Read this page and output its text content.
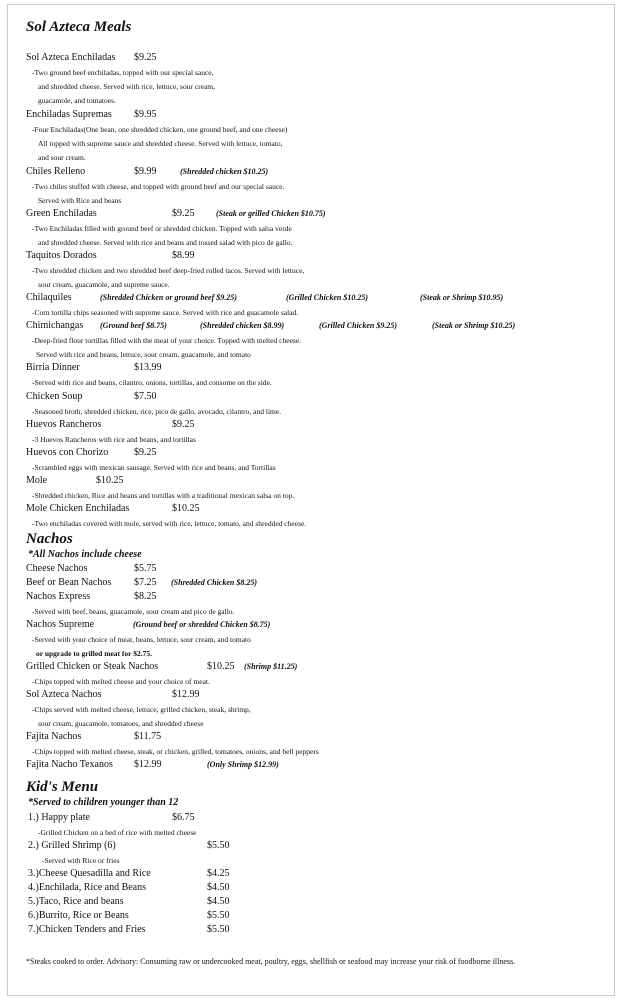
Sol Azteca Meals
Sol Azteca Enchiladas $9.25
-Two ground beef enchiladas, topped with our special sauce,
and shredded cheese. Served with rice, lettuce, sour cream,
guacamole, and tomatoes.
Enchiladas Supremas $9.95
-Four Enchiladas(One bean, one shredded chicken, one ground beef, and one cheese)
All topped with supreme sauce and shredded cheese. Served with lettuce, tomato,
and sour cream.
Chiles Relleno	$9.99	(Shredded chicken $10.25)
-Two chiles stuffed with cheese, and topped with ground beef and our special sauce.
Served with Rice and beans
Green Enchiladas	$9.25	(Steak or grilled Chicken $10.75)
-Two Enchiladas filled with ground beef or shredded chicken. Topped with salsa verde
and shredded cheese. Served with rice and beans and tossed salad with pico de gallo.
Taquitos Dorados	$8.99
-Two shredded chicken and two shredded beef deep-fried rolled tacos. Served with lettuce,
sour cream, guacamole, and supreme sauce.
Chilaquiles	(Shredded Chicken or ground beef $9.25)	(Grilled Chicken $10.25)	(Steak or Shrimp $10.95)
-Corn tortilla chips seasoned with supreme sauce. Served with rice and guacamole salad.
Chimichangas (Ground beef $8.75)	(Shredded chicken $8.99)	(Grilled Chicken $9.25)	(Steak or Shrimp $10.25)
-Deep-fried flour tortillas filled with the meat of your choice. Topped with melted cheese.
Served with rice and beans, lettuce, sour cream, guacamole, and tomato
Birria Dinner	$13.99
-Served with rice and beans, cilantro, onions, tortillas, and consome on the side.
Chicken Soup	$7.50
-Seasoned broth, shredded chicken, rice, pico de gallo, avocado, cilantro, and lime.
Huevos Rancheros	$9.25
-3 Huevos Rancheros with rice and beans, and tortillas
Huevos con Chorizo	$9.25
-Scrambled eggs with mexican sausage. Served with rice and beans, and Tortillas
Mole	$10.25
-Shredded chicken, Rice and beans and tortillas with a traditional mexican salsa on top.
Mole Chicken Enchiladas	$10.25
-Two enchiladas covered with mole, served with rice, lettuce, tomato, and shredded cheese.
Nachos
*All Nachos include cheese
Cheese Nachos	$5.75
Beef or Bean Nachos $7.25 (Shredded Chicken $8.25)
Nachos Express	$8.25
-Served with beef, beans, guacamole, sour cream and pico de gallo.
Nachos Supreme	(Ground beef or shredded Chicken $8.75)
-Served with your choice of meat, beans, lettuce, sour cream, and tomato
or upgrade to grilled meat for $2.75.
Grilled Chicken or Steak Nachos	$10.25 (Shrimp $11.25)
-Chips topped with melted cheese and your choice of meat.
Sol Azteca Nachos	$12.99
-Chips served with melted cheese, lettuce, grilled chicken, steak, shrimp,
sour cream, guacamole, tomatoes, and shredded cheese
Fajita Nachos	$11.75
-Chips topped with melted cheese, steak, or chicken, grilled, tomatoes, onions, and bell peppers
Fajita Nacho Texanos $12.99	(Only Shrimp $12.99)
Kid's Menu
*Served to children younger than 12
1.) Happy plate	$6.75
-Grilled Chicken on a bed of rice with melted cheese
2.) Grilled Shrimp (6)	$5.50
-Served with Rice or fries
3.)Cheese Quesadilla and Rice	$4.25
4.)Enchilada, Rice and Beans	$4.50
5.)Taco, Rice and beans	$4.50
6.)Burrito, Rice or Beans	$5.50
7.)Chicken Tenders and Fries	$5.50
*Steaks cooked to order. Advisory: Consuming raw or undercooked meat, poultry, eggs, shellfish or seafood may increase your risk of foodborne illness.
